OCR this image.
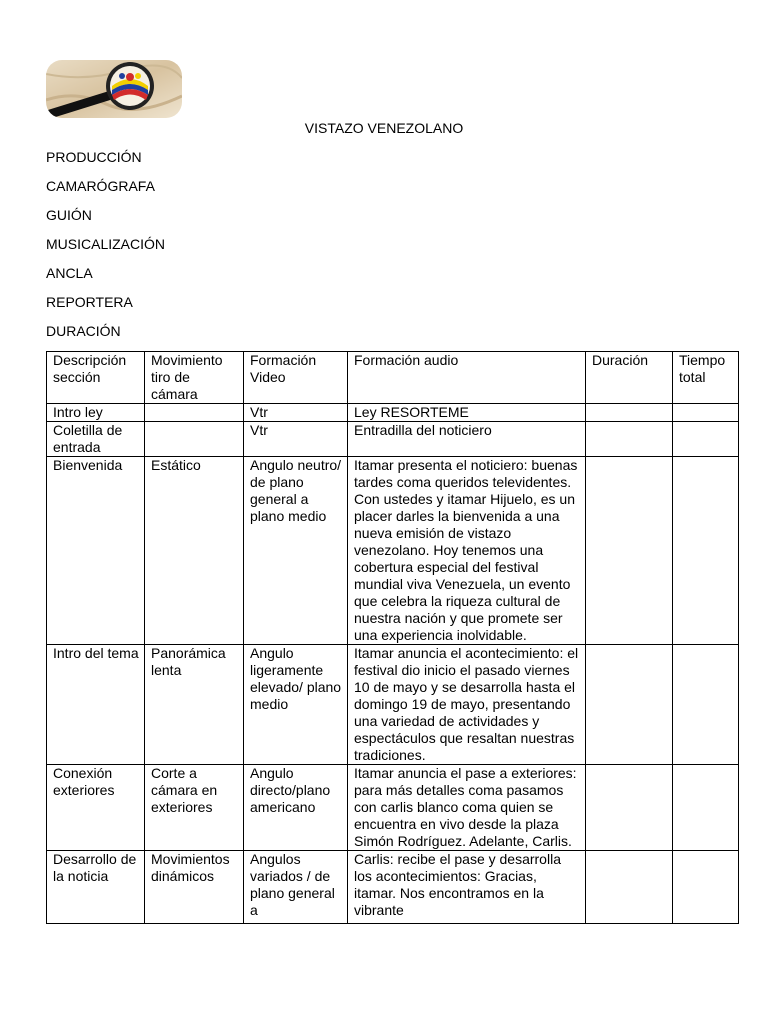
VISTAZO VENEZOLANO
PRODUCCIÓN
CAMARÓGRAFA
GUIÓN
MUSICALIZACIÓN
ANCLA
REPORTERA
DURACIÓN
Descripción sección	Movimiento tiro de cámara	Formación Video	Formación audio	Duración	Tiempo total
Intro ley		Vtr	Ley RESORTEME		
Coletilla de entrada		Vtr	Entradilla del noticiero		
Bienvenida	Estático	Angulo neutro/ de plano general a plano medio	Itamar presenta el noticiero: buenas tardes coma queridos televidentes. Con ustedes y itamar Hijuelo, es un placer darles la bienvenida a una nueva emisión de vistazo venezolano. Hoy tenemos una cobertura especial del festival mundial viva Venezuela, un evento que celebra la riqueza cultural de nuestra nación y que promete ser una experiencia inolvidable.		
Intro del tema	Panorámica lenta	Angulo ligeramente elevado/ plano medio	Itamar anuncia el acontecimiento: el festival dio inicio el pasado viernes 10 de mayo y se desarrolla hasta el domingo 19 de mayo, presentando una variedad de actividades y espectáculos que resaltan nuestras tradiciones.		
Conexión exteriores	Corte a cámara en exteriores	Angulo directo/plano americano	Itamar anuncia el pase a exteriores: para más detalles coma pasamos con carlis blanco coma quien se encuentra en vivo desde la plaza Simón Rodríguez. Adelante, Carlis.		

Desarrollo de la noticia	Movimientos dinámicos	Angulos variados / de plano general a	Carlis: recibe el pase y desarrolla los acontecimientos: Gracias, itamar. Nos encontramos en la vibrante		
